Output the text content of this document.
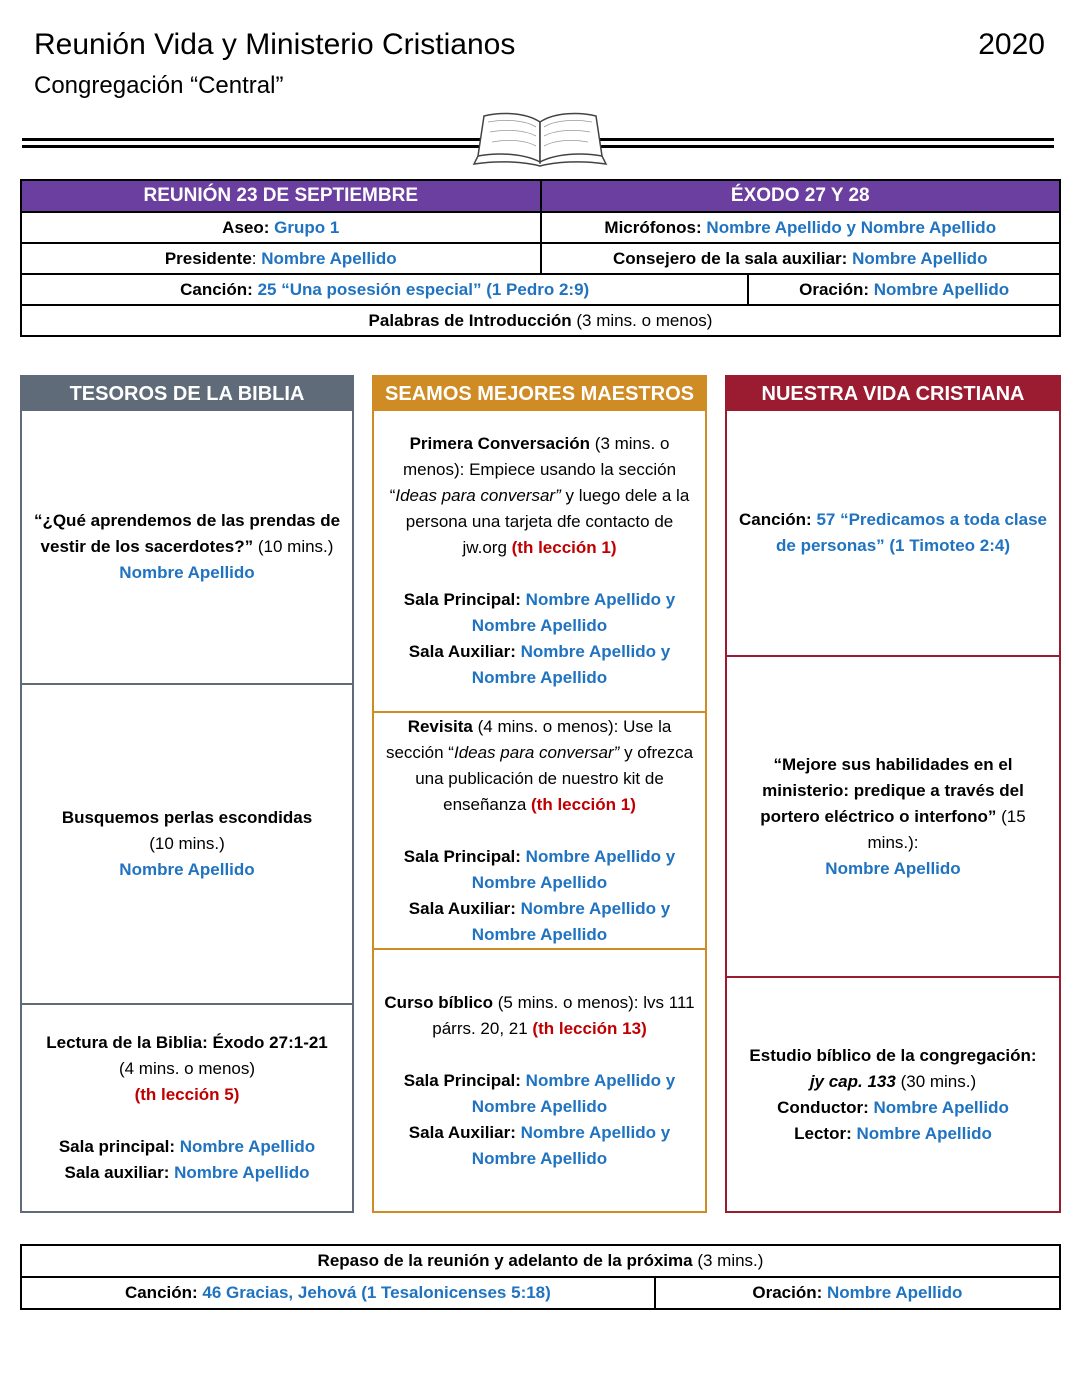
Reunión Vida y Ministerio Cristianos	2020
Congregación “Central”
REUNIÓN 23 DE SEPTIEMBRE	ÉXODO 27 Y 28	
Aseo: Grupo 1	Micrófonos: Nombre Apellido y Nombre Apellido	
Presidente: Nombre Apellido	Consejero de la sala auxiliar: Nombre Apellido	
Canción: 25 “Una posesión especial” (1 Pedro 2:9)		Oración: Nombre Apellido
Palabras de Introducción (3 mins. o menos)		
TESOROS DE LA BIBLIA

“¿Qué aprendemos de las prendas de vestir de los sacerdotes?” (10 mins.)

Nombre Apellido

Busquemos perlas escondidas

(10 mins.)

Nombre Apellido

Lectura de la Biblia: Éxodo 27:1-21

(4 mins. o menos)

(th lección 5)

Sala principal: Nombre Apellido

Sala auxiliar: Nombre Apellido

SEAMOS MEJORES MAESTROS

Primera Conversación (3 mins. o menos): Empiece usando la sección “Ideas para conversar” y luego dele a la persona una tarjeta dfe contacto de jw.org (th lección 1)

Sala Principal: Nombre Apellido y Nombre Apellido

Sala Auxiliar: Nombre Apellido y Nombre Apellido

Revisita (4 mins. o menos): Use la sección “Ideas para conversar” y ofrezca una publicación de nuestro kit de enseñanza (th lección 1)

Sala Principal: Nombre Apellido y Nombre Apellido

Sala Auxiliar: Nombre Apellido y Nombre Apellido

Curso bíblico (5 mins. o menos): lvs 111 párrs. 20, 21 (th lección 13)

Sala Principal: Nombre Apellido y Nombre Apellido

Sala Auxiliar: Nombre Apellido y Nombre Apellido

NUESTRA VIDA CRISTIANA

Canción: 57 “Predicamos a toda clase de personas” (1 Timoteo 2:4)

“Mejore sus habilidades en el ministerio: predique a través del portero eléctrico o interfono” (15 mins.):

Nombre Apellido

Estudio bíblico de la congregación:

jy cap. 133 (30 mins.)

Conductor: Nombre Apellido

Lector: Nombre Apellido

Repaso de la reunión y adelanto de la próxima (3 mins.)
Canción: 46 Gracias, Jehová (1 Tesalonicenses 5:18)	Oración: Nombre Apellido
